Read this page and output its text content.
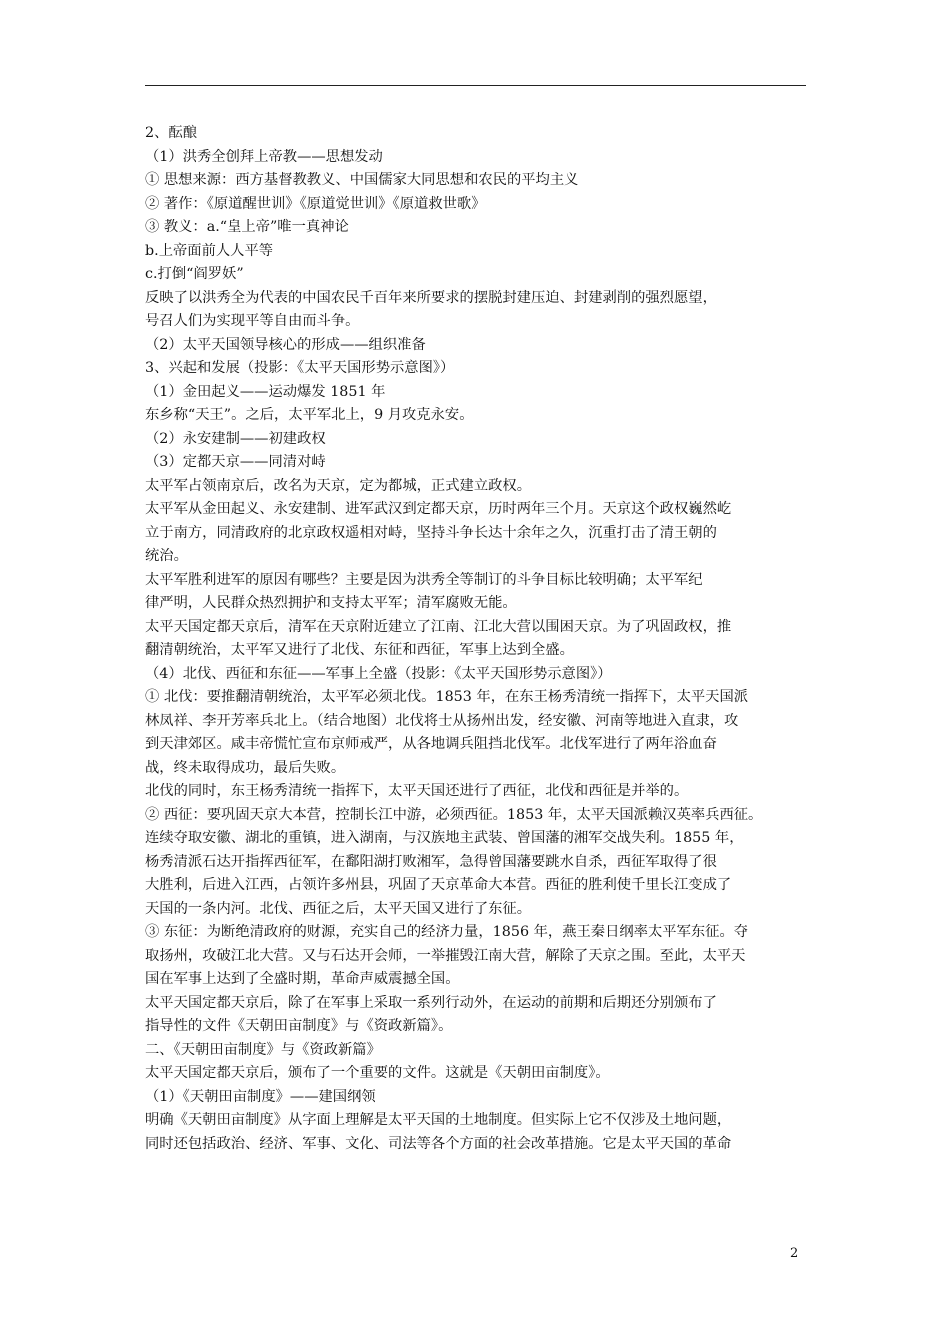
2、酝酿

（1）洪秀全创拜上帝教——思想发动

① 思想来源：西方基督教教义、中国儒家大同思想和农民的平均主义

② 著作：《原道醒世训》《原道觉世训》《原道救世歌》

③ 教义：a.“皇上帝”唯一真神论

b.上帝面前人人平等

c.打倒“阎罗妖”

反映了以洪秀全为代表的中国农民千百年来所要求的摆脱封建压迫、封建剥削的强烈愿望，

号召人们为实现平等自由而斗争。

（2）太平天国领导核心的形成——组织准备

3、兴起和发展（投影：《太平天国形势示意图》）

（1）金田起义——运动爆发 1851 年

东乡称“天王”。之后，太平军北上，9 月攻克永安。

（2）永安建制——初建政权

（3）定都天京——同清对峙

太平军占领南京后，改名为天京，定为都城，正式建立政权。

太平军从金田起义、永安建制、进军武汉到定都天京，历时两年三个月。天京这个政权巍然屹

立于南方，同清政府的北京政权遥相对峙，坚持斗争长达十余年之久，沉重打击了清王朝的

统治。

太平军胜利进军的原因有哪些？主要是因为洪秀全等制订的斗争目标比较明确；太平军纪

律严明，人民群众热烈拥护和支持太平军；清军腐败无能。

太平天国定都天京后，清军在天京附近建立了江南、江北大营以围困天京。为了巩固政权，推

翻清朝统治，太平军又进行了北伐、东征和西征，军事上达到全盛。

（4）北伐、西征和东征——军事上全盛（投影：《太平天国形势示意图》）

① 北伐：要推翻清朝统治，太平军必须北伐。1853 年，在东王杨秀清统一指挥下，太平天国派

林凤祥、李开芳率兵北上。（结合地图）北伐将士从扬州出发，经安徽、河南等地进入直隶，攻

到天津郊区。咸丰帝慌忙宣布京师戒严，从各地调兵阻挡北伐军。北伐军进行了两年浴血奋

战，终未取得成功，最后失败。

北伐的同时，东王杨秀清统一指挥下，太平天国还进行了西征，北伐和西征是并举的。

② 西征：要巩固天京大本营，控制长江中游，必须西征。1853 年，太平天国派赖汉英率兵西征。

连续夺取安徽、湖北的重镇，进入湖南，与汉族地主武装、曾国藩的湘军交战失利。1855 年，

杨秀清派石达开指挥西征军，在鄱阳湖打败湘军，急得曾国藩要跳水自杀，西征军取得了很

大胜利，后进入江西，占领许多州县，巩固了天京革命大本营。西征的胜利使千里长江变成了

天国的一条内河。北伐、西征之后，太平天国又进行了东征。

③ 东征：为断绝清政府的财源，充实自己的经济力量，1856 年，燕王秦日纲率太平军东征。夺

取扬州，攻破江北大营。又与石达开会师，一举摧毁江南大营，解除了天京之围。至此，太平天

国在军事上达到了全盛时期，革命声威震撼全国。

太平天国定都天京后，除了在军事上采取一系列行动外，在运动的前期和后期还分别颁布了

指导性的文件《天朝田亩制度》与《资政新篇》。

二、《天朝田亩制度》与《资政新篇》

太平天国定都天京后，颁布了一个重要的文件。这就是《天朝田亩制度》。

（1）《天朝田亩制度》——建国纲领

明确《天朝田亩制度》从字面上理解是太平天国的土地制度。但实际上它不仅涉及土地问题，

同时还包括政治、经济、军事、文化、司法等各个方面的社会改革措施。它是太平天国的革命

2
